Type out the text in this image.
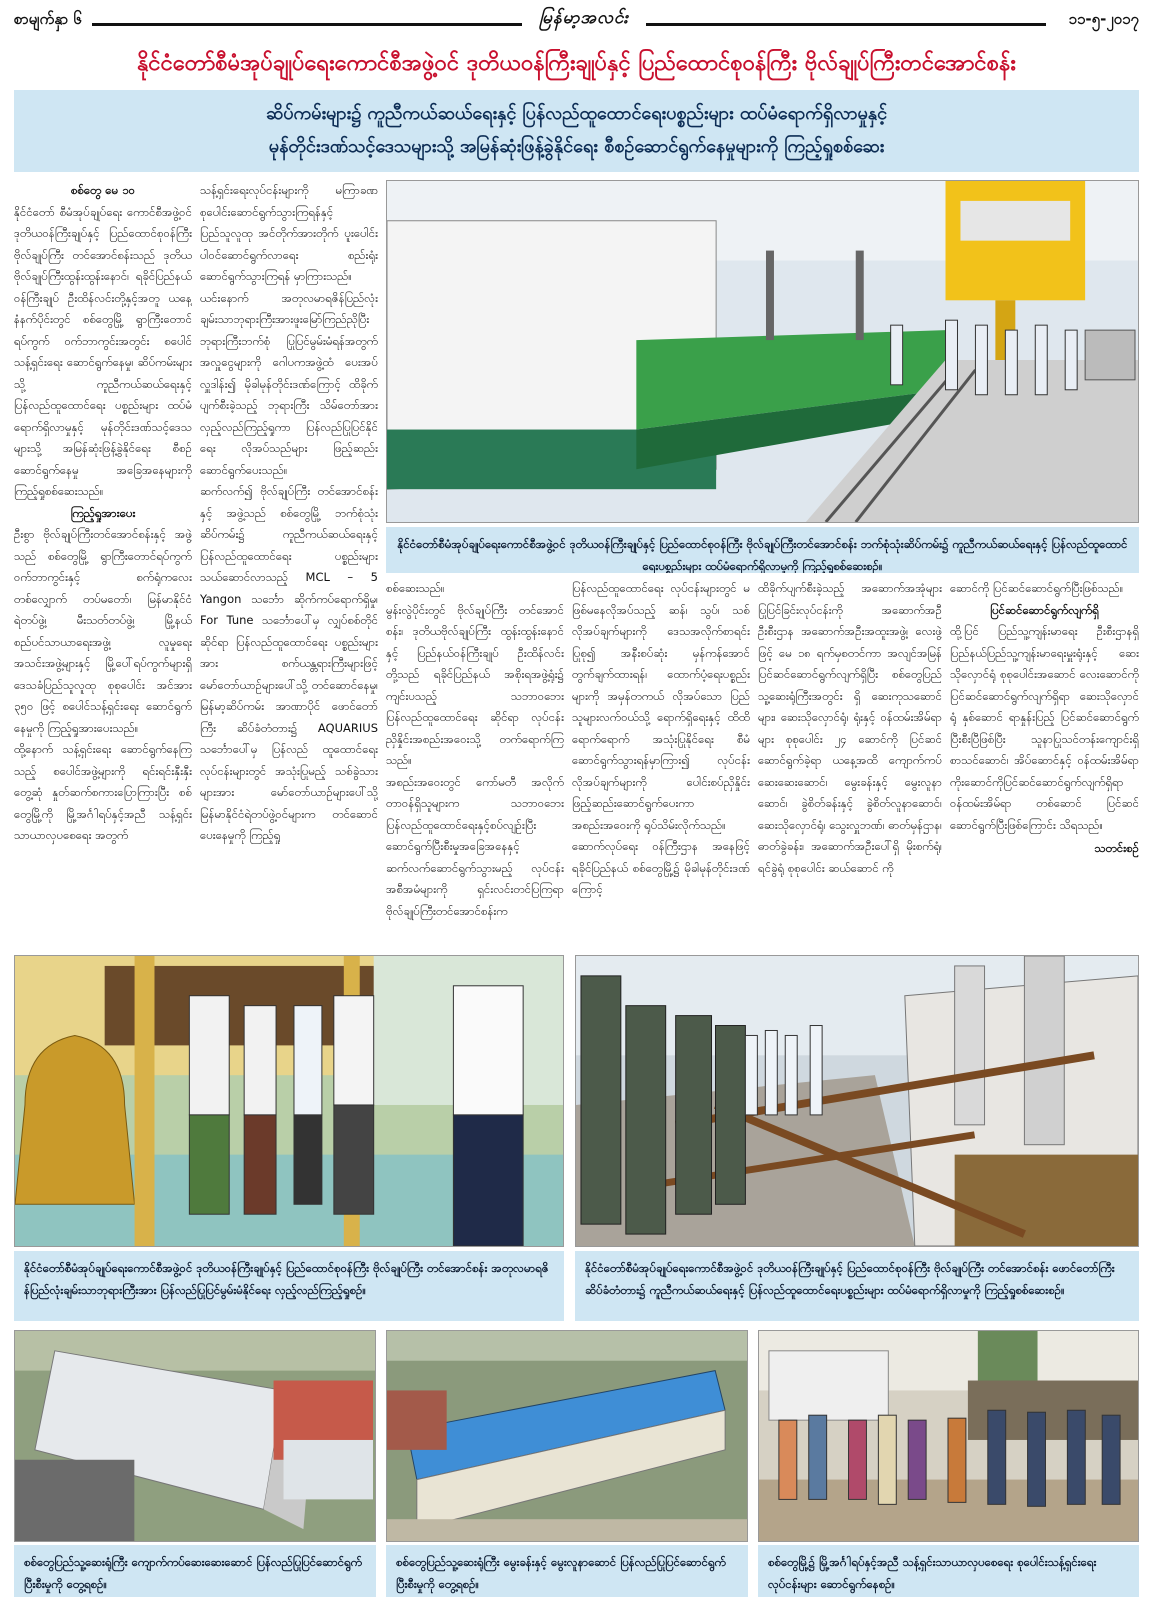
စာမျက်နှာ ၆	မြန်မာ့အလင်း	၁၁-၅-၂၀၁၇
နိုင်ငံတော်စီမံအုပ်ချုပ်ရေးကောင်စီအဖွဲ့ဝင် ဒုတိယဝန်ကြီးချုပ်နှင့် ပြည်ထောင်စုဝန်ကြီး ဗိုလ်ချုပ်ကြီးတင်အောင်စန်း
ဆိပ်ကမ်းများ၌ ကူညီကယ်ဆယ်ရေးနှင့် ပြန်လည်ထူထောင်ရေးပစ္စည်းများ ထပ်မံရောက်ရှိလာမှုနှင့်
မုန်တိုင်းဒဏ်သင့်ဒေသများသို့ အမြန်ဆုံးဖြန့်ခွဲနိုင်ရေး စီစဉ်ဆောင်ရွက်နေမှုများကို ကြည့်ရှုစစ်ဆေး
စစ်တွေ မေ ၁၀

နိုင်ငံတော် စီမံအုပ်ချုပ်ရေး ကောင်စီအဖွဲ့ဝင် ဒုတိယဝန်ကြီးချုပ်နှင့် ပြည်ထောင်စုဝန်ကြီး ဗိုလ်ချုပ်ကြီး တင်အောင်စန်းသည် ဒုတိယဗိုလ်ချုပ်ကြီးထွန်းထွန်းနောင်၊ ရခိုင်ပြည်နယ်ဝန်ကြီးချုပ် ဦးထိန်လင်းတို့နှင့်အတူ ယနေ့နံနက်ပိုင်းတွင် စစ်တွေမြို့ ရွာကြီးတောင်ရပ်ကွက် ဝက်ဘာကွင်းအတွင်း စပေါင်သန့်ရှင်းရေး ဆောင်ရွက်နေမှု၊ ဆိပ်ကမ်းများသို့ ကူညီကယ်ဆယ်ရေးနှင့် ပြန်လည်ထူထောင်ရေး ပစ္စည်းများ ထပ်မံရောက်ရှိလာမှုနှင့် မုန်တိုင်းဒဏ်သင့်ဒေသများသို့ အမြန်ဆုံးဖြန့်ခွဲနိုင်ရေး စီစဉ်ဆောင်ရွက်နေမှု အခြေအနေများကို ကြည့်ရှုစစ်ဆေးသည်။

ကြည့်ရှုအားပေး

ဦးစွာ ဗိုလ်ချုပ်ကြီးတင်အောင်စန်းနှင့် အဖွဲ့သည် စစ်တွေမြို့ ရွာကြီးတောင်ရပ်ကွက် ဝက်ဘာကွင်းနှင့် စက်ရုံကလေးတစ်လျှောက် တပ်မတော်၊ မြန်မာနိုင်ငံရဲတပ်ဖွဲ့၊ မီးသတ်တပ်ဖွဲ့၊ မြို့နယ်စည်ပင်သာယာရေးအဖွဲ့၊ လူမှုရေးအသင်းအဖွဲ့များနှင့် မြို့ပေါ်ရပ်ကွက်များရှိ ဒေသခံပြည်သူလူထု စုစုပေါင်း အင်အား ၃၅၀ ဖြင့် စပေါင်သန့်ရှင်းရေး ဆောင်ရွက်နေမှုကို ကြည့်ရှုအားပေးသည်။

ထို့နောက် သန့်ရှင်းရေး ဆောင်ရွက်နေကြသည့် စပေါင်အဖွဲ့များကို ရင်းရင်းနှီးနှီးတွေ့ဆုံ နှုတ်ဆက်စကားပြောကြားပြီး စစ်တွေမြို့ကို မြို့အင်္ဂါရပ်နှင့်အညီ သန့်ရှင်းသာယာလှပစေရေး အတွက်

သန့်ရှင်းရေးလုပ်ငန်းများကို မကြာခဏ စုပေါင်းဆောင်ရွက်သွားကြရန်နှင့် ပြည်သူလူထု အင်တိုက်အားတိုက် ပူးပေါင်းပါဝင်ဆောင်ရွက်လာရေး စည်းရုံးဆောင်ရွက်သွားကြရန် မှာကြားသည်။

ယင်းနောက် အတုလမာရဇိန်ပြည်လုံးချမ်းသာဘုရားကြီးအားဖူးမြော်ကြည်ညိုပြီး ဘုရားကြီးဘက်စုံ ပြုပြင်မွမ်းမံရန်အတွက် အလှူငွေများကို ဂေါပကအဖွဲ့ထံ ပေးအပ်လှူဒါန်း၍ မိုခါမုန်တိုင်းဒဏ်ကြောင့် ထိခိုက်ပျက်စီးခဲ့သည့် ဘုရားကြီး သိမ်တော်အား လှည့်လည်ကြည့်ရှုကာ ပြန်လည်ပြုပြင်နိုင်ရေး လိုအပ်သည်များ ဖြည့်ဆည်းဆောင်ရွက်ပေးသည်။

ဆက်လက်၍ ဗိုလ်ချုပ်ကြီး တင်အောင်စန်းနှင့် အဖွဲ့သည် စစ်တွေမြို့ ဘက်စုံသုံးဆိပ်ကမ်း၌ ကူညီကယ်ဆယ်ရေးနှင့်ပြန်လည်ထူထောင်ရေး ပစ္စည်းများ သယ်ဆောင်လာသည့် MCL – 5 Yangon သင်္ဘော ဆိုက်ကပ်ရောက်ရှိမှု၊ For Tune သင်္ဘောပေါ်မှ လျှပ်စစ်တိုင်ဆိုင်ရာ ပြန်လည်ထူထောင်ရေး ပစ္စည်းများအား စက်ယန္တရားကြီးများဖြင့် မော်တော်ယာဉ်များပေါ်သို့ တင်ဆောင်နေမှု၊ မြန်မာ့ဆိပ်ကမ်း အာဏာပိုင် ဖောင်တော်ကြီး ဆိပ်ခံတံတား၌ AQUARIUS သင်္ဘောပေါ်မှ ပြန်လည် ထူထောင်ရေးလုပ်ငန်းများတွင် အသုံးပြုမည့် သစ်ခွဲသားများအား မော်တော်ယာဉ်များပေါ်သို့ မြန်မာနိုင်ငံရဲတပ်ဖွဲ့ဝင်များက တင်ဆောင်ပေးနေမှုကို ကြည့်ရှု

နိုင်ငံတော်စီမံအုပ်ချုပ်ရေးကောင်စီအဖွဲ့ဝင် ဒုတိယဝန်ကြီးချုပ်နှင့် ပြည်ထောင်စုဝန်ကြီး ဗိုလ်ချုပ်ကြီးတင်အောင်စန်း ဘက်စုံသုံးဆိပ်ကမ်း၌ ကူညီကယ်ဆယ်ရေးနှင့် ပြန်လည်ထူထောင်ရေးပစ္စည်းများ ထပ်မံရောက်ရှိလာမှုကို ကြည့်ရှုစစ်ဆေးစဉ်။

စစ်ဆေးသည်။

မွန်းလွဲပိုင်းတွင် ဗိုလ်ချုပ်ကြီး တင်အောင်စန်း၊ ဒုတိယဗိုလ်ချုပ်ကြီး ထွန်းထွန်းနောင်နှင့် ပြည်နယ်ဝန်ကြီးချုပ် ဦးထိန်လင်းတို့သည် ရခိုင်ပြည်နယ် အစိုးရအဖွဲ့ရုံး၌ ကျင်းပသည့် သဘာဝဘေး ပြန်လည်ထူထောင်ရေး ဆိုင်ရာ လုပ်ငန်းညှိနှိုင်းအစည်းအဝေးသို့ တက်ရောက်ကြသည်။

အစည်းအဝေးတွင် ကော်မတီ အလိုက် တာဝန်ရှိသူများက သဘာဝဘေးပြန်လည်ထူထောင်ရေးနှင့်စပ်လျဉ်းပြီး ဆောင်ရွက်ပြီးစီးမှုအခြေအနေနှင့် ဆက်လက်ဆောင်ရွက်သွားမည့် လုပ်ငန်းအစီအမံများကို ရှင်းလင်းတင်ပြကြရာ ဗိုလ်ချုပ်ကြီးတင်အောင်စန်းက

ပြန်လည်ထူထောင်ရေး လုပ်ငန်းများတွင် မဖြစ်မနေလိုအပ်သည့် ဆန်၊ သွပ်၊ သစ် လိုအပ်ချက်များကို ဒေသအလိုက်စာရင်းပြုစု၍ အနီးစပ်ဆုံး မှန်ကန်အောင် တွက်ချက်ထားရန်၊ ထောက်ပံ့ရေးပစ္စည်း များကို အမှန်တကယ် လိုအပ်သော ပြည်သူများလက်ဝယ်သို့ ရောက်ရှိရေးနှင့် ထိထိရောက်ရောက် အသုံးပြုနိုင်ရေး စီမံဆောင်ရွက်သွားရန်မှာကြား၍ လုပ်ငန်း လိုအပ်ချက်များကို ပေါင်းစပ်ညှိနှိုင်းဖြည့်ဆည်းဆောင်ရွက်ပေးကာ အစည်းအဝေးကို ရုပ်သိမ်းလိုက်သည်။

ဆောက်လုပ်ရေး ဝန်ကြီးဌာန အနေဖြင့် ရခိုင်ပြည်နယ် စစ်တွေမြို့၌ မိုခါမုန်တိုင်းဒဏ်ကြောင့်

ထိခိုက်ပျက်စီးခဲ့သည့် အဆောက်အအုံများ ပြုပြင်ခြင်းလုပ်ငန်းကို အဆောက်အဦ ဦးစီးဌာန အဆောက်အဦးအထူးအဖွဲ့၊ လေးဖွဲ့ဖြင့် မေ ၁၈ ရက်မှစတင်ကာ အလျင်အမြန်ပြင်ဆင်ဆောင်ရွက်လျက်ရှိပြီး စစ်တွေပြည်သူ့ဆေးရုံကြီးအတွင်း ရှိ ဆေးကုသဆောင်များ၊ ဆေးသိုလှောင်ရုံ၊ ရုံးနှင့် ဝန်ထမ်းအိမ်ရာများ စုစုပေါင်း ၂၄ ဆောင်ကို ပြင်ဆင်ဆောင်ရွက်ခဲ့ရာ ယနေ့အထိ ကျောက်ကပ်ဆေးဆေးဆောင်၊ မွေးခန်းနှင့် မွေးလူနာဆောင်၊ ခွဲစိတ်ခန်းနှင့် ခွဲစိတ်လူနာဆောင်၊ ဆေးသိုလှောင်ရုံ၊ သွေးလှူဘဏ်၊ ဓာတ်မှန်ဌာန၊ ဓာတ်ခွဲခန်း၊ အဆောက်အဦးပေါ်ရှိ မိုးစက်ရုံ၊ ရင်ခွဲရုံ စုစုပေါင်း ဆယ်ဆောင် ကို

ဆောင်ကို ပြင်ဆင်ဆောင်ရွက်ပြီးဖြစ်သည်။

ပြင်ဆင်ဆောင်ရွက်လျက်ရှိ

ထို့ပြင် ပြည်သူ့ကျန်းမာရေး ဦးစီးဌာနရှိ ပြည်နယ်ပြည်သူ့ကျန်းမာရေးမှူးရုံးနှင့် ဆေးသိုလှောင်ရုံ စုစုပေါင်းအဆောင် လေးဆောင်ကို ပြင်ဆင်ဆောင်ရွက်လျက်ရှိရာ ဆေးသိုလှောင်ရုံ နှစ်ဆောင် ရာနှုန်းပြည့် ပြင်ဆင်ဆောင်ရွက်ပြီးစီးပြီဖြစ်ပြီး သူနာပြုသင်တန်းကျောင်းရှိ စာသင်ဆောင်၊ အိပ်ဆောင်နှင့် ဝန်ထမ်းအိမ်ရာကိုးဆောင်ကိုပြင်ဆင်ဆောင်ရွက်လျက်ရှိရာ ဝန်ထမ်းအိမ်ရာ တစ်ဆောင် ပြင်ဆင်ဆောင်ရွက်ပြီးဖြစ်ကြောင်း သိရသည်။

သတင်းစဉ်
နိုင်ငံတော်စီမံအုပ်ချုပ်ရေးကောင်စီအဖွဲ့ဝင် ဒုတိယဝန်ကြီးချုပ်နှင့် ပြည်ထောင်စုဝန်ကြီး ဗိုလ်ချုပ်ကြီး တင်အောင်စန်း အတုလမာရဇိန်ပြည်လုံးချမ်းသာဘုရားကြီးအား ပြန်လည်ပြုပြင်မွမ်းမံနိုင်ရေး လှည့်လည်ကြည့်ရှုစဉ်။
နိုင်ငံတော်စီမံအုပ်ချုပ်ရေးကောင်စီအဖွဲ့ဝင် ဒုတိယဝန်ကြီးချုပ်နှင့် ပြည်ထောင်စုဝန်ကြီး ဗိုလ်ချုပ်ကြီး တင်အောင်စန်း ဖောင်တော်ကြီးဆိပ်ခံတံတား၌ ကူညီကယ်ဆယ်ရေးနှင့် ပြန်လည်ထူထောင်ရေးပစ္စည်းများ ထပ်မံရောက်ရှိလာမှုကို ကြည့်ရှုစစ်ဆေးစဉ်။
စစ်တွေပြည်သူ့ဆေးရုံကြီး ကျောက်ကပ်ဆေးဆေးဆောင် ပြန်လည်ပြုပြင်ဆောင်ရွက်ပြီးစီးမှုကို တွေ့ရစဉ်။
စစ်တွေပြည်သူ့ဆေးရုံကြီး မွေးခန်းနှင့် မွေးလူနာဆောင် ပြန်လည်ပြုပြင်ဆောင်ရွက်ပြီးစီးမှုကို တွေ့ရစဉ်။
စစ်တွေမြို့၌ မြို့အင်္ဂါရပ်နှင့်အညီ သန့်ရှင်းသာယာလှပစေရေး စုပေါင်းသန့်ရှင်းရေးလုပ်ငန်းများ ဆောင်ရွက်နေစဉ်။
